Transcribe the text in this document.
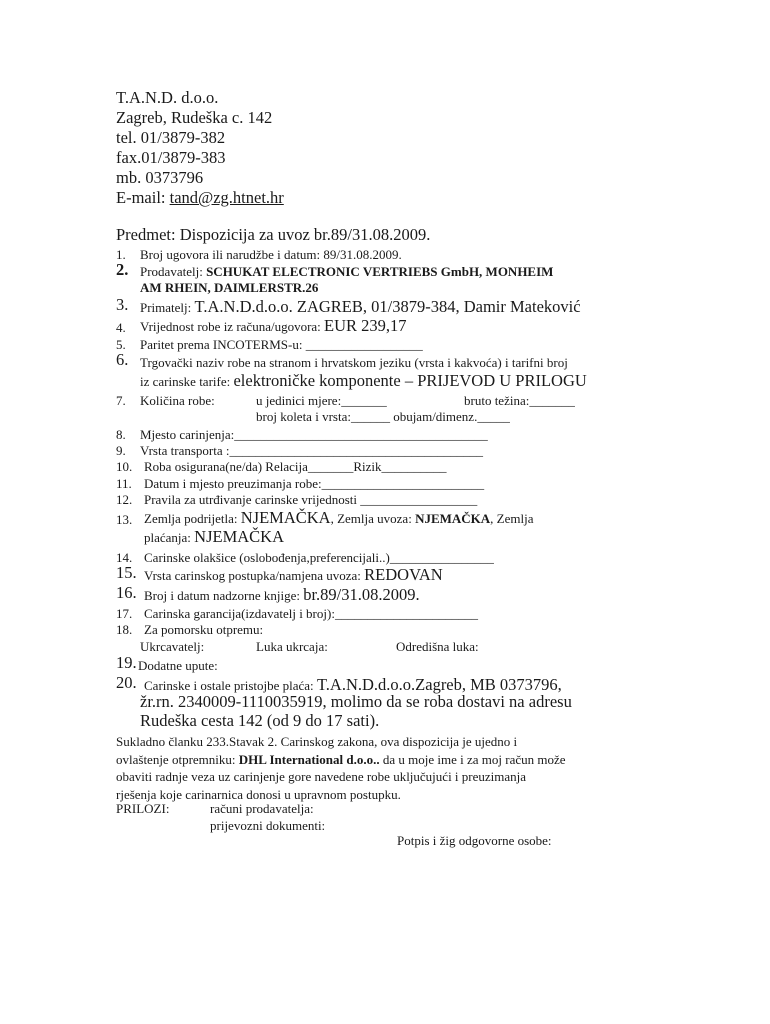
T.A.N.D. d.o.o.
Zagreb, Rudeška c. 142
tel. 01/3879-382
fax.01/3879-383
mb. 0373796
E-mail: tand@zg.htnet.hr
Predmet: Dispozicija za uvoz br.89/31.08.2009.
1. Broj ugovora ili narudžbe i datum: 89/31.08.2009.
2. Prodavatelj: SCHUKAT ELECTRONIC VERTRIEBS GmbH, MONHEIM
AM RHEIN, DAIMLERSTR.26
3. Primatelj: T.A.N.D.d.o.o. ZAGREB, 01/3879-384, Damir Mateković
4. Vrijednost robe iz računa/ugovora: EUR 239,17
5. Paritet prema INCOTERMS-u: __________________
6. Trgovački naziv robe na stranom i hrvatskom jeziku (vrsta i kakvoća) i tarifni broj
iz carinske tarife: elektroničke komponente – PRIJEVOD U PRILOGU
7. Količina robe:	u jedinici mjere:_______	bruto težina:_______
broj koleta i vrsta:______ obujam/dimenz._____
8. Mjesto carinjenja:_______________________________________
9. Vrsta transporta :_______________________________________
10. Roba osigurana(ne/da) Relacija_______Rizik__________
11. Datum i mjesto preuzimanja robe:_________________________
12. Pravila za utrđivanje carinske vrijednosti __________________
13. Zemlja podrijetla: NJEMAČKA, Zemlja uvoza: NJEMAČKA, Zemlja
plaćanja: NJEMAČKA
14. Carinske olakšice (oslobođenja,preferencijali..)________________
15. Vrsta carinskog postupka/namjena uvoza: REDOVAN
16. Broj i datum nadzorne knjige: br.89/31.08.2009.
17. Carinska garancija(izdavatelj i broj):______________________
18. Za pomorsku otpremu:
Ukrcavatelj:	Luka ukrcaja:	Odredišna luka:
19. Dodatne upute:
20. Carinske i ostale pristojbe plaća: T.A.N.D.d.o.o.Zagreb, MB 0373796,
žr.rn. 2340009-1110035919, molimo da se roba dostavi na adresu
Rudeška cesta 142 (od 9 do 17 sati).
Sukladno članku 233.Stavak 2. Carinskog zakona, ova dispozicija je ujedno i
ovlaštenje otpremniku: DHL International d.o.o.. da u moje ime i za moj račun može
obaviti radnje veza uz carinjenje gore navedene robe uključujući i preuzimanja
rješenja koje carinarnica donosi u upravnom postupku.
PRILOZI:	računi prodavatelja:
prijevozni dokumenti:
Potpis i žig odgovorne osobe:
